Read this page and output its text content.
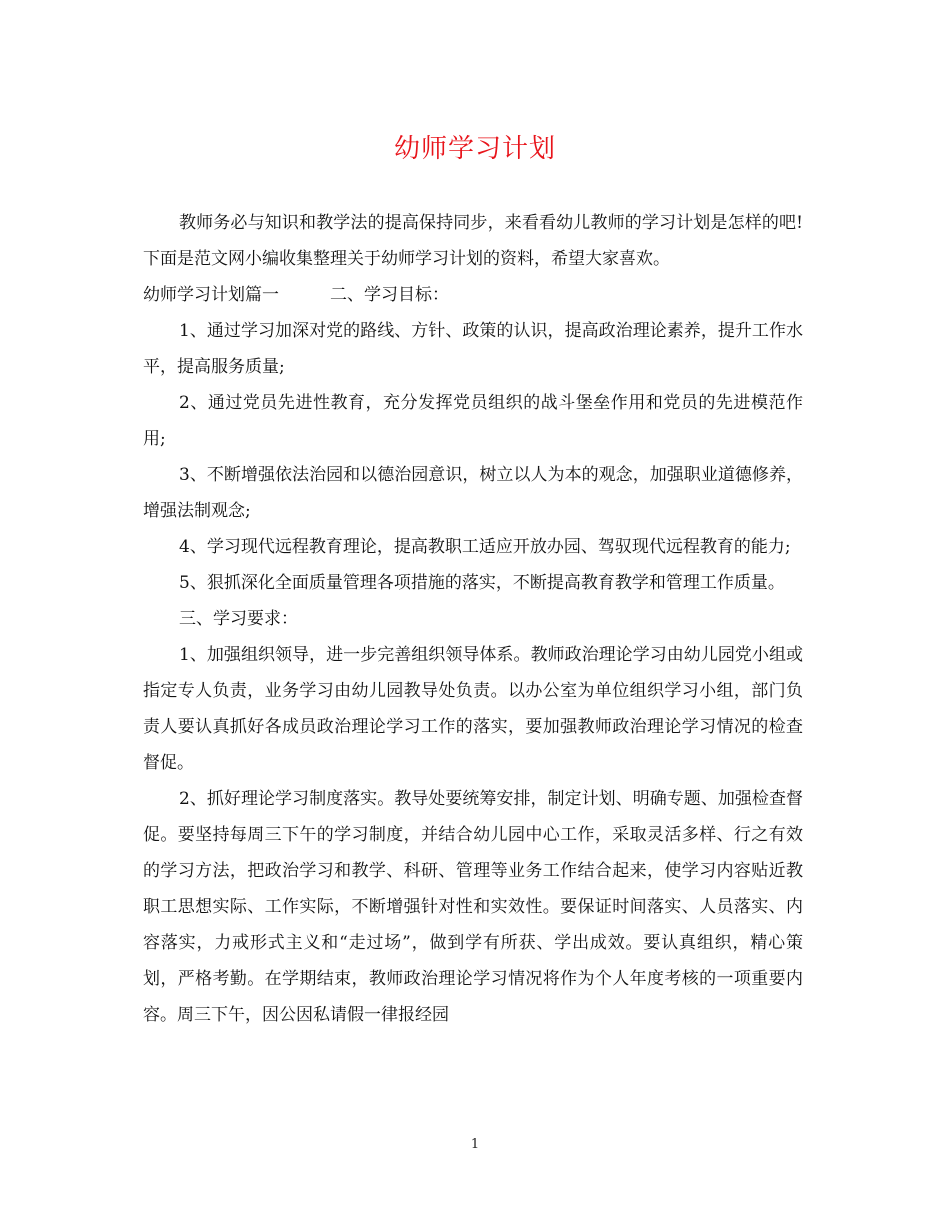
幼师学习计划

教师务必与知识和教学法的提高保持同步，来看看幼儿教师的学习计划是怎样的吧!下面是范文网小编收集整理关于幼师学习计划的资料，希望大家喜欢。

幼师学习计划篇一　　　二、学习目标：

1、通过学习加深对党的路线、方针、政策的认识，提高政治理论素养，提升工作水平，提高服务质量;

2、通过党员先进性教育，充分发挥党员组织的战斗堡垒作用和党员的先进模范作用;

3、不断增强依法治园和以德治园意识，树立以人为本的观念，加强职业道德修养，增强法制观念;

4、学习现代远程教育理论，提高教职工适应开放办园、驾驭现代远程教育的能力;

5、狠抓深化全面质量管理各项措施的落实，不断提高教育教学和管理工作质量。

三、学习要求：

1、加强组织领导，进一步完善组织领导体系。教师政治理论学习由幼儿园党小组或指定专人负责，业务学习由幼儿园教导处负责。以办公室为单位组织学习小组，部门负责人要认真抓好各成员政治理论学习工作的落实，要加强教师政治理论学习情况的检查督促。

2、抓好理论学习制度落实。教导处要统筹安排，制定计划、明确专题、加强检查督促。要坚持每周三下午的学习制度，并结合幼儿园中心工作，采取灵活多样、行之有效的学习方法，把政治学习和教学、科研、管理等业务工作结合起来，使学习内容贴近教职工思想实际、工作实际，不断增强针对性和实效性。要保证时间落实、人员落实、内容落实，力戒形式主义和“走过场”，做到学有所获、学出成效。要认真组织，精心策划，严格考勤。在学期结束，教师政治理论学习情况将作为个人年度考核的一项重要内容。周三下午，因公因私请假一律报经园

1
